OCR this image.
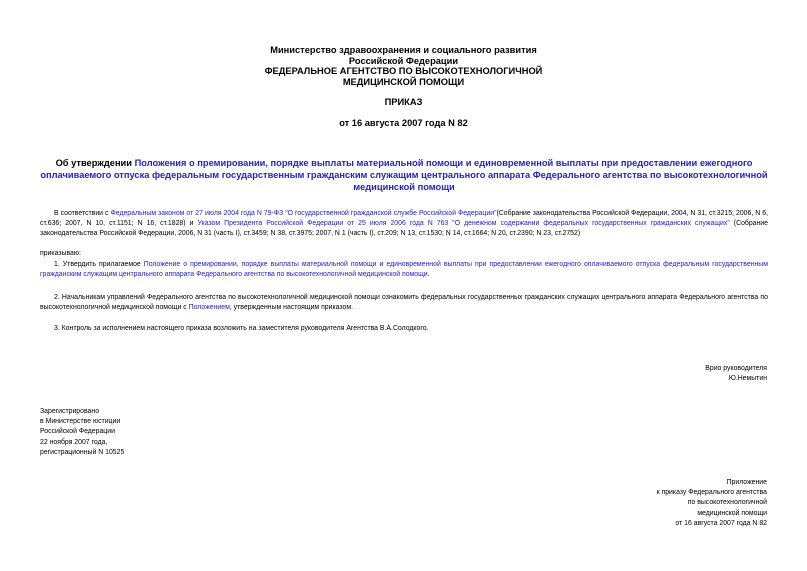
Министерство здравоохранения и социального развития
Российской Федерации
ФЕДЕРАЛЬНОЕ АГЕНТСТВО ПО ВЫСОКОТЕХНОЛОГИЧНОЙ
МЕДИЦИНСКОЙ ПОМОЩИ
ПРИКАЗ
от 16 августа 2007 года N 82
Об утверждении Положения о премировании, порядке выплаты материальной помощи и единовременной выплаты при предоставлении ежегодного оплачиваемого отпуска федеральным государственным гражданским служащим центрального аппарата Федерального агентства по высокотехнологичной медицинской помощи
В соответствии с Федеральным законом от 27 июля 2004 года N 79-ФЗ "О государственной гражданской службе Российской Федерации"(Собрание законодательства Российской Федерации, 2004, N 31, ст.3215; 2006, N 6, ст.636; 2007, N 10, ст.1151; N 16, ст.1828) и Указом Президента Российской Федерации от 25 июля 2006 года N 763 "О денежном содержании федеральных государственных гражданских служащих" (Собрание законодательства Российской Федерации, 2006, N 31 (часть I), ст.3459; N 38, ст.3975; 2007, N 1 (часть I), ст.209; N 13, ст.1530; N 14, ст.1664; N 20, ст.2390; N 23, ст.2752)
приказываю:
1. Утвердить прилагаемое Положение о премировании, порядке выплаты материальной помощи и единовременной выплаты при предоставлении ежегодного оплачиваемого отпуска федеральным государственным гражданским служащим центрального аппарата Федерального агентства по высокотехнологичной медицинской помощи.
2. Начальникам управлений Федерального агентства по высокотехнологичной медицинской помощи ознакомить федеральных государственных гражданских служащих центрального аппарата Федерального агентства по высокотехнологичной медицинской помощи с Положением, утвержденным настоящим приказом.
3. Контроль за исполнением настоящего приказа возложить на заместителя руководителя Агентства В.А.Солодкого.
Врио руководителя
Ю.Немытин
Зарегистрировано
в Министерстве юстиции
Российской Федерации
22 ноября 2007 года,
регистрационный N 10525
Приложение
к приказу Федерального агентства
по высокотехнологичной
медицинской помощи
от 16 августа 2007 года N 82
